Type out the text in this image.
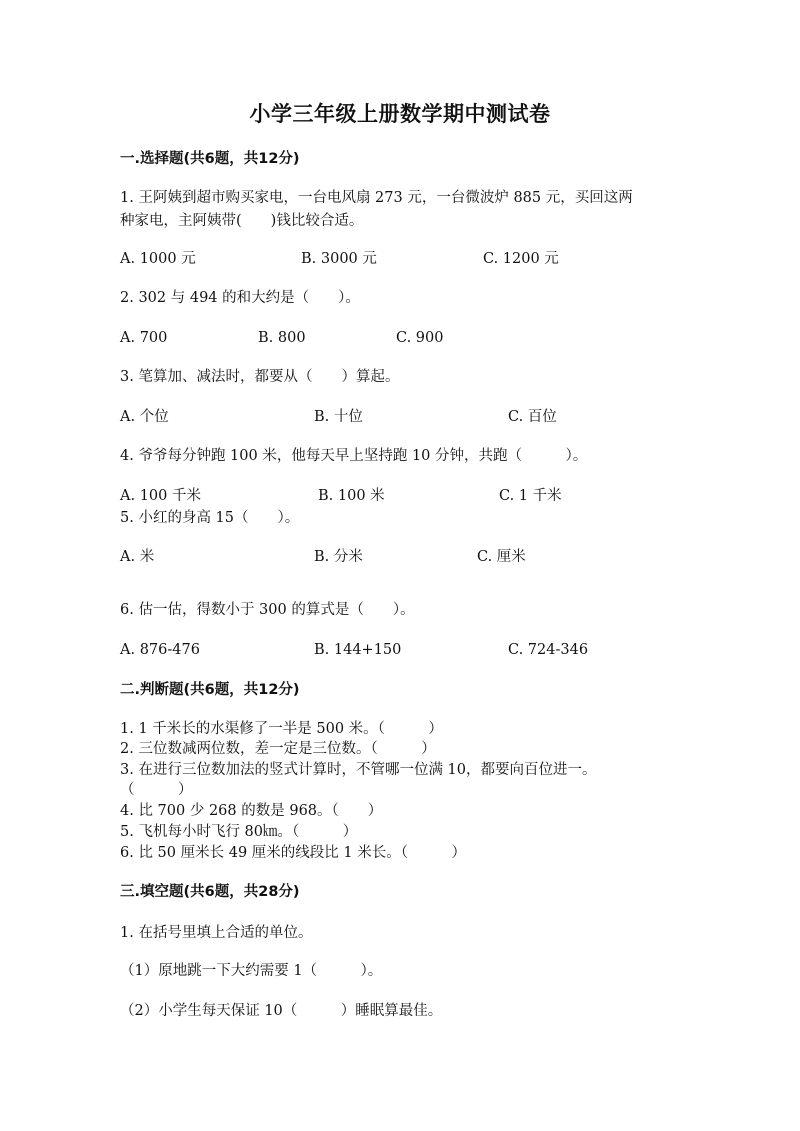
小学三年级上册数学期中测试卷
一.选择题(共6题，共12分)
1. 王阿姨到超市购买家电，一台电风扇 273 元，一台微波炉 885 元，买回这两
种家电，主阿姨带(　　)钱比较合适。
A. 1000 元	B. 3000 元	C. 1200 元
2. 302 与 494 的和大约是（　　）。
A. 700	B. 800	C. 900
3. 笔算加、减法时，都要从（　　）算起。
A. 个位	B. 十位	C. 百位
4. 爷爷每分钟跑 100 米，他每天早上坚持跑 10 分钟，共跑（　　　）。
A. 100 千米	B. 100 米	C. 1 千米
5. 小红的身高 15（　　）。
A. 米	B. 分米	C. 厘米
6. 估一估，得数小于 300 的算式是（　　）。
A. 876-476	B. 144+150	C. 724-346
二.判断题(共6题，共12分)
1. 1 千米长的水渠修了一半是 500 米。（　　　）
2. 三位数减两位数，差一定是三位数。（　　　）
3. 在进行三位数加法的竖式计算时，不管哪一位满 10，都要向百位进一。
（　　　）
4. 比 700 少 268 的数是 968。（　　）
5. 飞机每小时飞行 80㎞。（　　　）
6. 比 50 厘米长 49 厘米的线段比 1 米长。（　　　）
三.填空题(共6题，共28分)
1. 在括号里填上合适的单位。
（1）原地跳一下大约需要 1（　　　）。
（2）小学生每天保证 10（　　　）睡眠算最佳。
